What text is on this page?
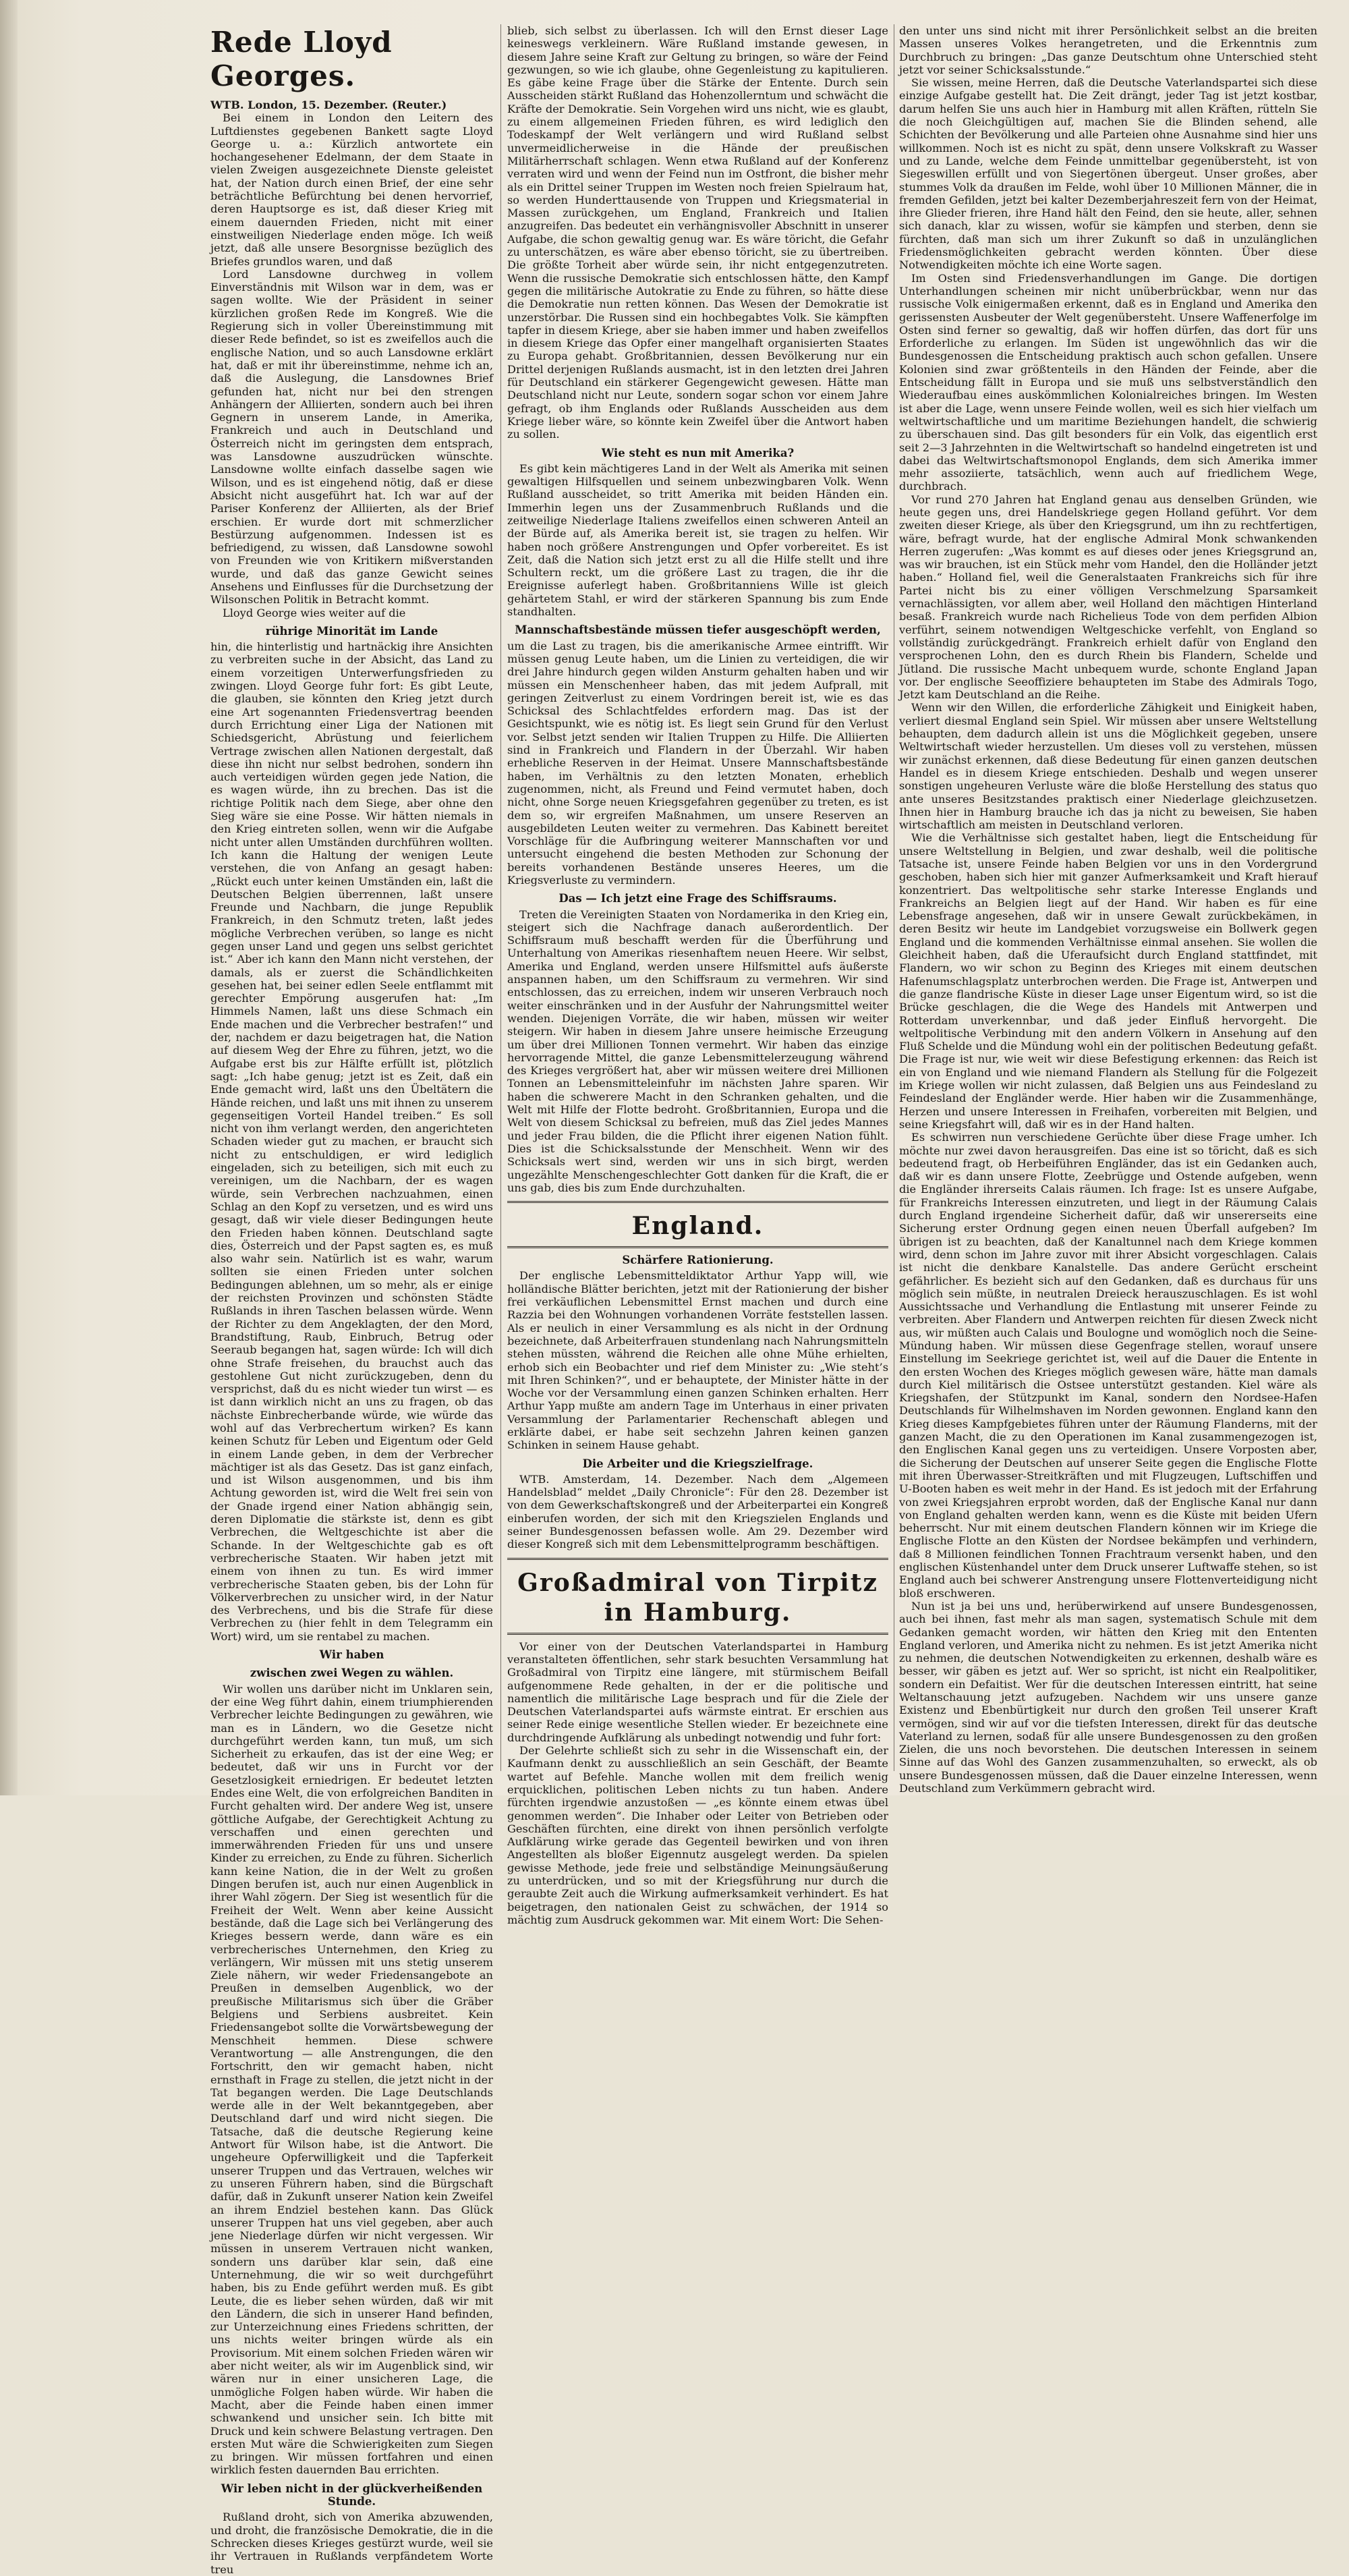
Rede Lloyd Georges.

WTB. London, 15. Dezember. (Reuter.)

Bei einem in London den Leitern des Luftdienstes gegebenen Bankett sagte Lloyd George u. a.: Kürzlich antwortete ein hochangesehener Edelmann, der dem Staate in vielen Zweigen ausgezeichnete Dienste geleistet hat, der Nation durch einen Brief, der eine sehr beträchtliche Befürchtung bei denen hervorrief, deren Hauptsorge es ist, daß dieser Krieg mit einem dauernden Frieden, nicht mit einer einstweiligen Niederlage enden möge. Ich weiß jetzt, daß alle unsere Besorgnisse bezüglich des Briefes grundlos waren, und daß

Lord Lansdowne durchweg in vollem Einverständnis mit Wilson war in dem, was er sagen wollte. Wie der Präsident in seiner kürzlichen großen Rede im Kongreß. Wie die Regierung sich in voller Übereinstimmung mit dieser Rede befindet, so ist es zweifellos auch die englische Nation, und so auch Lansdowne erklärt hat, daß er mit ihr übereinstimme, nehme ich an, daß die Auslegung, die Lansdownes Brief gefunden hat, nicht nur bei den strengen Anhängern der Alliierten, sondern auch bei ihren Gegnern in unserem Lande, in Amerika, Frankreich und auch in Deutschland und Österreich nicht im geringsten dem entsprach, was Lansdowne auszudrücken wünschte. Lansdowne wollte einfach dasselbe sagen wie Wilson, und es ist eingehend nötig, daß er diese Absicht nicht ausgeführt hat. Ich war auf der Pariser Konferenz der Alliierten, als der Brief erschien. Er wurde dort mit schmerzlicher Bestürzung aufgenommen. Indessen ist es befriedigend, zu wissen, daß Lansdowne sowohl von Freunden wie von Kritikern mißverstanden wurde, und daß das ganze Gewicht seines Ansehens und Einflusses für die Durchsetzung der Wilsonschen Politik in Betracht kommt.

Lloyd George wies weiter auf die

rührige Minorität im Lande

hin, die hinterlistig und hartnäckig ihre Ansichten zu verbreiten suche in der Absicht, das Land zu einem vorzeitigen Unterwerfungsfrieden zu zwingen. Lloyd George fuhr fort: Es gibt Leute, die glauben, sie könnten den Krieg jetzt durch eine Art sogenannten Friedensvertrag beenden durch Errichtung einer Liga der Nationen mit Schiedsgericht, Abrüstung und feierlichem Vertrage zwischen allen Nationen dergestalt, daß diese ihn nicht nur selbst bedrohen, sondern ihn auch verteidigen würden gegen jede Nation, die es wagen würde, ihn zu brechen. Das ist die richtige Politik nach dem Siege, aber ohne den Sieg wäre sie eine Posse. Wir hätten niemals in den Krieg eintreten sollen, wenn wir die Aufgabe nicht unter allen Umständen durchführen wollten. Ich kann die Haltung der wenigen Leute verstehen, die von Anfang an gesagt haben: „Rückt euch unter keinen Umständen ein, laßt die Deutschen Belgien überrennen, laßt unsere Freunde und Nachbarn, die junge Republik Frankreich, in den Schmutz treten, laßt jedes mögliche Verbrechen verüben, so lange es nicht gegen unser Land und gegen uns selbst gerichtet ist.“ Aber ich kann den Mann nicht verstehen, der damals, als er zuerst die Schändlichkeiten gesehen hat, bei seiner edlen Seele entflammt mit gerechter Empörung ausgerufen hat: „Im Himmels Namen, laßt uns diese Schmach ein Ende machen und die Verbrecher bestrafen!“ und der, nachdem er dazu beigetragen hat, die Nation auf diesem Weg der Ehre zu führen, jetzt, wo die Aufgabe erst bis zur Hälfte erfüllt ist, plötzlich sagt: „Ich habe genug; jetzt ist es Zeit, daß ein Ende gemacht wird, laßt uns den Übeltätern die Hände reichen, und laßt uns mit ihnen zu unserem gegenseitigen Vorteil Handel treiben.“ Es soll nicht von ihm verlangt werden, den angerichteten Schaden wieder gut zu machen, er braucht sich nicht zu entschuldigen, er wird lediglich eingeladen, sich zu beteiligen, sich mit euch zu vereinigen, um die Nachbarn, der es wagen würde, sein Verbrechen nachzuahmen, einen Schlag an den Kopf zu versetzen, und es wird uns gesagt, daß wir viele dieser Bedingungen heute den Frieden haben können. Deutschland sagte dies, Österreich und der Papst sagten es, es muß also wahr sein. Natürlich ist es wahr, warum sollten sie einen Frieden unter solchen Bedingungen ablehnen, um so mehr, als er einige der reichsten Provinzen und schönsten Städte Rußlands in ihren Taschen belassen würde. Wenn der Richter zu dem Angeklagten, der den Mord, Brandstiftung, Raub, Einbruch, Betrug oder Seeraub begangen hat, sagen würde: Ich will dich ohne Strafe freisehen, du brauchst auch das gestohlene Gut nicht zurückzugeben, denn du versprichst, daß du es nicht wieder tun wirst — es ist dann wirklich nicht an uns zu fragen, ob das nächste Einbrecherbande würde, wie würde das wohl auf das Verbrechertum wirken? Es kann keinen Schutz für Leben und Eigentum oder Geld in einem Lande geben, in dem der Verbrecher mächtiger ist als das Gesetz. Das ist ganz einfach, und ist Wilson ausgenommen, und bis ihm Achtung geworden ist, wird die Welt frei sein von der Gnade irgend einer Nation abhängig sein, deren Diplomatie die stärkste ist, denn es gibt Verbrechen, die Weltgeschichte ist aber die Schande. In der Weltgeschichte gab es oft verbrecherische Staaten. Wir haben jetzt mit einem von ihnen zu tun. Es wird immer verbrecherische Staaten geben, bis der Lohn für Völkerverbrechen zu unsicher wird, in der Natur des Verbrechens, und bis die Strafe für diese Verbrechen zu (hier fehlt in dem Telegramm ein Wort) wird, um sie rentabel zu machen.

Wir haben
zwischen zwei Wegen zu wählen.

Wir wollen uns darüber nicht im Unklaren sein, der eine Weg führt dahin, einem triumphierenden Verbrecher leichte Bedingungen zu gewähren, wie man es in Ländern, wo die Gesetze nicht durchgeführt werden kann, tun muß, um sich Sicherheit zu erkaufen, das ist der eine Weg; er bedeutet, daß wir uns in Furcht vor der Gesetzlosigkeit erniedrigen. Er bedeutet letzten Endes eine Welt, die von erfolgreichen Banditen in Furcht gehalten wird. Der andere Weg ist, unsere göttliche Aufgabe, der Gerechtigkeit Achtung zu verschaffen und einen gerechten und immerwährenden Frieden für uns und unsere Kinder zu erreichen, zu Ende zu führen. Sicherlich kann keine Nation, die in der Welt zu großen Dingen berufen ist, auch nur einen Augenblick in ihrer Wahl zögern. Der Sieg ist wesentlich für die Freiheit der Welt. Wenn aber keine Aussicht bestände, daß die Lage sich bei Verlängerung des Krieges bessern werde, dann wäre es ein verbrecherisches Unternehmen, den Krieg zu verlängern, Wir müssen mit uns stetig unserem Ziele nähern, wir weder Friedensangebote an Preußen in demselben Augenblick, wo der preußische Militarismus sich über die Gräber Belgiens und Serbiens ausbreitet. Kein Friedensangebot sollte die Vorwärtsbewegung der Menschheit hemmen. Diese schwere Verantwortung — alle Anstrengungen, die den Fortschritt, den wir gemacht haben, nicht ernsthaft in Frage zu stellen, die jetzt nicht in der Tat begangen werden. Die Lage Deutschlands werde alle in der Welt bekanntgegeben, aber Deutschland darf und wird nicht siegen. Die Tatsache, daß die deutsche Regierung keine Antwort für Wilson habe, ist die Antwort. Die ungeheure Opferwilligkeit und die Tapferkeit unserer Truppen und das Vertrauen, welches wir zu unseren Führern haben, sind die Bürgschaft dafür, daß in Zukunft unserer Nation kein Zweifel an ihrem Endziel bestehen kann. Das Glück unserer Truppen hat uns viel gegeben, aber auch jene Niederlage dürfen wir nicht vergessen. Wir müssen in unserem Vertrauen nicht wanken, sondern uns darüber klar sein, daß eine Unternehmung, die wir so weit durchgeführt haben, bis zu Ende geführt werden muß. Es gibt Leute, die es lieber sehen würden, daß wir mit den Ländern, die sich in unserer Hand befinden, zur Unterzeichnung eines Friedens schritten, der uns nichts weiter bringen würde als ein Provisorium. Mit einem solchen Frieden wären wir aber nicht weiter, als wir im Augenblick sind, wir wären nur in einer unsicheren Lage, die unmögliche Folgen haben würde. Wir haben die Macht, aber die Feinde haben einen immer schwankend und unsicher sein. Ich bitte mit Druck und kein schwere Belastung vertragen. Den ersten Mut wäre die Schwierigkeiten zum Siegen zu bringen. Wir müssen fortfahren und einen wirklich festen dauernden Bau errichten.

Wir leben nicht in der glückverheißenden Stunde.

Rußland droht, sich von Amerika abzuwenden, und droht, die französische Demokratie, die in die Schrecken dieses Krieges gestürzt wurde, weil sie ihr Vertrauen in Rußlands verpfändetem Worte treu

blieb, sich selbst zu überlassen. Ich will den Ernst dieser Lage keineswegs verkleinern. Wäre Rußland imstande gewesen, in diesem Jahre seine Kraft zur Geltung zu bringen, so wäre der Feind gezwungen, so wie ich glaube, ohne Gegenleistung zu kapitulieren. Es gäbe keine Frage über die Stärke der Entente. Durch sein Ausscheiden stärkt Rußland das Hohenzollerntum und schwächt die Kräfte der Demokratie. Sein Vorgehen wird uns nicht, wie es glaubt, zu einem allgemeinen Frieden führen, es wird lediglich den Todeskampf der Welt verlängern und wird Rußland selbst unvermeidlicherweise in die Hände der preußischen Militärherrschaft schlagen. Wenn etwa Rußland auf der Konferenz verraten wird und wenn der Feind nun im Ostfront, die bisher mehr als ein Drittel seiner Truppen im Westen noch freien Spielraum hat, so werden Hunderttausende von Truppen und Kriegsmaterial in Massen zurückgehen, um England, Frankreich und Italien anzugreifen. Das bedeutet ein verhängnisvoller Abschnitt in unserer Aufgabe, die schon gewaltig genug war. Es wäre töricht, die Gefahr zu unterschätzen, es wäre aber ebenso töricht, sie zu übertreiben. Die größte Torheit aber würde sein, ihr nicht entgegenzutreten. Wenn die russische Demokratie sich entschlossen hätte, den Kampf gegen die militärische Autokratie zu Ende zu führen, so hätte diese die Demokratie nun retten können. Das Wesen der Demokratie ist unzerstörbar. Die Russen sind ein hochbegabtes Volk. Sie kämpften tapfer in diesem Kriege, aber sie haben immer und haben zweifellos in diesem Kriege das Opfer einer mangelhaft organisierten Staates zu Europa gehabt. Großbritannien, dessen Bevölkerung nur ein Drittel derjenigen Rußlands ausmacht, ist in den letzten drei Jahren für Deutschland ein stärkerer Gegengewicht gewesen. Hätte man Deutschland nicht nur Leute, sondern sogar schon vor einem Jahre gefragt, ob ihm Englands oder Rußlands Ausscheiden aus dem Kriege lieber wäre, so könnte kein Zweifel über die Antwort haben zu sollen.

Wie steht es nun mit Amerika?

Es gibt kein mächtigeres Land in der Welt als Amerika mit seinen gewaltigen Hilfsquellen und seinem unbezwingbaren Volk. Wenn Rußland ausscheidet, so tritt Amerika mit beiden Händen ein. Immerhin legen uns der Zusammenbruch Rußlands und die zeitweilige Niederlage Italiens zweifellos einen schweren Anteil an der Bürde auf, als Amerika bereit ist, sie tragen zu helfen. Wir haben noch größere Anstrengungen und Opfer vorbereitet. Es ist Zeit, daß die Nation sich jetzt erst zu all die Hilfe stellt und ihre Schultern reckt, um die größere Last zu tragen, die ihr die Ereignisse auferlegt haben. Großbritanniens Wille ist gleich gehärtetem Stahl, er wird der stärkeren Spannung bis zum Ende standhalten.

Mannschaftsbestände müssen tiefer ausgeschöpft werden,

um die Last zu tragen, bis die amerikanische Armee eintrifft. Wir müssen genug Leute haben, um die Linien zu verteidigen, die wir drei Jahre hindurch gegen wilden Ansturm gehalten haben und wir müssen ein Menschenheer haben, das mit jedem Aufprall, mit geringen Zeitverlust zu einem Vordringen bereit ist, wie es das Schicksal des Schlachtfeldes erfordern mag. Das ist der Gesichtspunkt, wie es nötig ist. Es liegt sein Grund für den Verlust vor. Selbst jetzt senden wir Italien Truppen zu Hilfe. Die Alliierten sind in Frankreich und Flandern in der Überzahl. Wir haben erhebliche Reserven in der Heimat. Unsere Mannschaftsbestände haben, im Verhältnis zu den letzten Monaten, erheblich zugenommen, nicht, als Freund und Feind vermutet haben, doch nicht, ohne Sorge neuen Kriegsgefahren gegenüber zu treten, es ist dem so, wir ergreifen Maßnahmen, um unsere Reserven an ausgebildeten Leuten weiter zu vermehren. Das Kabinett bereitet Vorschläge für die Aufbringung weiterer Mannschaften vor und untersucht eingehend die besten Methoden zur Schonung der bereits vorhandenen Bestände unseres Heeres, um die Kriegsverluste zu vermindern.

Das — Ich jetzt eine Frage des Schiffsraums.

Treten die Vereinigten Staaten von Nordamerika in den Krieg ein, steigert sich die Nachfrage danach außerordentlich. Der Schiffsraum muß beschafft werden für die Überführung und Unterhaltung von Amerikas riesenhaftem neuen Heere. Wir selbst, Amerika und England, werden unsere Hilfsmittel aufs äußerste anspannen haben, um den Schiffsraum zu vermehren. Wir sind entschlossen, das zu erreichen, indem wir unseren Verbrauch noch weiter einschränken und in der Ausfuhr der Nahrungsmittel weiter wenden. Diejenigen Vorräte, die wir haben, müssen wir weiter steigern. Wir haben in diesem Jahre unsere heimische Erzeugung um über drei Millionen Tonnen vermehrt. Wir haben das einzige hervorragende Mittel, die ganze Lebensmittelerzeugung während des Krieges vergrößert hat, aber wir müssen weitere drei Millionen Tonnen an Lebensmitteleinfuhr im nächsten Jahre sparen. Wir haben die schwerere Macht in den Schranken gehalten, und die Welt mit Hilfe der Flotte bedroht. Großbritannien, Europa und die Welt von diesem Schicksal zu befreien, muß das Ziel jedes Mannes und jeder Frau bilden, die die Pflicht ihrer eigenen Nation fühlt. Dies ist die Schicksalsstunde der Menschheit. Wenn wir des Schicksals wert sind, werden wir uns in sich birgt, werden ungezählte Menschengeschlechter Gott danken für die Kraft, die er uns gab, dies bis zum Ende durchzuhalten.

England.
Schärfere Rationierung.

Der englische Lebensmitteldiktator Arthur Yapp will, wie holländische Blätter berichten, jetzt mit der Rationierung der bisher frei verkäuflichen Lebensmittel Ernst machen und durch eine Razzia bei den Wohnungen vorhandenen Vorräte feststellen lassen. Als er neulich in einer Versammlung es als nicht in der Ordnung bezeichnete, daß Arbeiterfrauen stundenlang nach Nahrungsmitteln stehen müssten, während die Reichen alle ohne Mühe erhielten, erhob sich ein Beobachter und rief dem Minister zu: „Wie steht’s mit Ihren Schinken?“, und er behauptete, der Minister hätte in der Woche vor der Versammlung einen ganzen Schinken erhalten. Herr Arthur Yapp mußte am andern Tage im Unterhaus in einer privaten Versammlung der Parlamentarier Rechenschaft ablegen und erklärte dabei, er habe seit sechzehn Jahren keinen ganzen Schinken in seinem Hause gehabt.

Die Arbeiter und die Kriegszielfrage.

WTB. Amsterdam, 14. Dezember. Nach dem „Algemeen Handelsblad“ meldet „Daily Chronicle“: Für den 28. Dezember ist von dem Gewerkschaftskongreß und der Arbeiterpartei ein Kongreß einberufen worden, der sich mit den Kriegszielen Englands und seiner Bundesgenossen befassen wolle. Am 29. Dezember wird dieser Kongreß sich mit dem Lebensmittelprogramm beschäftigen.

Großadmiral von Tirpitz in Hamburg.

Vor einer von der Deutschen Vaterlandspartei in Hamburg veranstalteten öffentlichen, sehr stark besuchten Versammlung hat Großadmiral von Tirpitz eine längere, mit stürmischem Beifall aufgenommene Rede gehalten, in der er die politische und namentlich die militärische Lage besprach und für die Ziele der Deutschen Vaterlandspartei aufs wärmste eintrat. Er erschien aus seiner Rede einige wesentliche Stellen wieder. Er bezeichnete eine durchdringende Aufklärung als unbedingt notwendig und fuhr fort:

Der Gelehrte schließt sich zu sehr in die Wissenschaft ein, der Kaufmann denkt zu ausschließlich an sein Geschäft, der Beamte wartet auf Befehle. Manche wollen mit dem freilich wenig erquicklichen, politischen Leben nichts zu tun haben. Andere fürchten irgendwie anzustoßen — „es könnte einem etwas übel genommen werden“. Die Inhaber oder Leiter von Betrieben oder Geschäften fürchten, eine direkt von ihnen persönlich verfolgte Aufklärung wirke gerade das Gegenteil bewirken und von ihren Angestellten als bloßer Eigennutz ausgelegt werden. Da spielen gewisse Methode, jede freie und selbständige Meinungsäußerung zu unterdrücken, und so mit der Kriegsführung nur durch die geraubte Zeit auch die Wirkung aufmerksamkeit verhindert. Es hat beigetragen, den nationalen Geist zu schwächen, der 1914 so mächtig zum Ausdruck gekommen war. Mit einem Wort: Die Sehen-

den unter uns sind nicht mit ihrer Persönlichkeit selbst an die breiten Massen unseres Volkes herangetreten, und die Erkenntnis zum Durchbruch zu bringen: „Das ganze Deutschtum ohne Unterschied steht jetzt vor seiner Schicksalsstunde.“

Sie wissen, meine Herren, daß die Deutsche Vaterlandspartei sich diese einzige Aufgabe gestellt hat. Die Zeit drängt, jeder Tag ist jetzt kostbar, darum helfen Sie uns auch hier in Hamburg mit allen Kräften, rütteln Sie die noch Gleichgültigen auf, machen Sie die Blinden sehend, alle Schichten der Bevölkerung und alle Parteien ohne Ausnahme sind hier uns willkommen. Noch ist es nicht zu spät, denn unsere Volkskraft zu Wasser und zu Lande, welche dem Feinde unmittelbar gegenübersteht, ist von Siegeswillen erfüllt und von Siegertönen übergeut. Unser großes, aber stummes Volk da draußen im Felde, wohl über 10 Millionen Männer, die in fremden Gefilden, jetzt bei kalter Dezemberjahreszeit fern von der Heimat, ihre Glieder frieren, ihre Hand hält den Feind, den sie heute, aller, sehnen sich danach, klar zu wissen, wofür sie kämpfen und sterben, denn sie fürchten, daß man sich um ihrer Zukunft so daß in unzulänglichen Friedensmöglichkeiten gebracht werden könnten. Über diese Notwendigkeiten möchte ich eine Worte sagen.

Im Osten sind Friedensverhandlungen im Gange. Die dortigen Unterhandlungen scheinen mir nicht unüberbrückbar, wenn nur das russische Volk einigermaßen erkennt, daß es in England und Amerika den gerissensten Ausbeuter der Welt gegenübersteht. Unsere Waffenerfolge im Osten sind ferner so gewaltig, daß wir hoffen dürfen, das dort für uns Erforderliche zu erlangen. Im Süden ist ungewöhnlich das wir die Bundesgenossen die Entscheidung praktisch auch schon gefallen. Unsere Kolonien sind zwar größtenteils in den Händen der Feinde, aber die Entscheidung fällt in Europa und sie muß uns selbstverständlich den Wiederaufbau eines auskömmlichen Kolonialreiches bringen. Im Westen ist aber die Lage, wenn unsere Feinde wollen, weil es sich hier vielfach um weltwirtschaftliche und um maritime Beziehungen handelt, die schwierig zu überschauen sind. Das gilt besonders für ein Volk, das eigentlich erst seit 2—3 Jahrzehnten in die Weltwirtschaft so handelnd eingetreten ist und dabei das Weltwirtschaftsmonopol Englands, dem sich Amerika immer mehr assoziierte, tatsächlich, wenn auch auf friedlichem Wege, durchbrach.

Vor rund 270 Jahren hat England genau aus denselben Gründen, wie heute gegen uns, drei Handelskriege gegen Holland geführt. Vor dem zweiten dieser Kriege, als über den Kriegsgrund, um ihn zu rechtfertigen, wäre, befragt wurde, hat der englische Admiral Monk schwankenden Herren zugerufen: „Was kommt es auf dieses oder jenes Kriegsgrund an, was wir brauchen, ist ein Stück mehr vom Handel, den die Holländer jetzt haben.“ Holland fiel, weil die Generalstaaten Frankreichs sich für ihre Partei nicht bis zu einer völligen Verschmelzung Sparsamkeit vernachlässigten, vor allem aber, weil Holland den mächtigen Hinterland besaß. Frankreich wurde nach Richelieus Tode von dem perfiden Albion verführt, seinem notwendigen Weltgeschicke verfehlt, von England so vollständig zurückgedrängt. Frankreich erhielt dafür von England den versprochenen Lohn, den es durch Rhein bis Flandern, Schelde und Jütland. Die russische Macht unbequem wurde, schonte England Japan vor. Der englische Seeoffiziere behaupteten im Stabe des Admirals Togo, Jetzt kam Deutschland an die Reihe.

Wenn wir den Willen, die erforderliche Zähigkeit und Einigkeit haben, verliert diesmal England sein Spiel. Wir müssen aber unsere Weltstellung behaupten, dem dadurch allein ist uns die Möglichkeit gegeben, unsere Weltwirtschaft wieder herzustellen. Um dieses voll zu verstehen, müssen wir zunächst erkennen, daß diese Bedeutung für einen ganzen deutschen Handel es in diesem Kriege entschieden. Deshalb und wegen unserer sonstigen ungeheuren Verluste wäre die bloße Herstellung des status quo ante unseres Besitzstandes praktisch einer Niederlage gleichzusetzen. Ihnen hier in Hamburg brauche ich das ja nicht zu beweisen, Sie haben wirtschaftlich am meisten in Deutschland verloren.

Wie die Verhältnisse sich gestaltet haben, liegt die Entscheidung für unsere Weltstellung in Belgien, und zwar deshalb, weil die politische Tatsache ist, unsere Feinde haben Belgien vor uns in den Vordergrund geschoben, haben sich hier mit ganzer Aufmerksamkeit und Kraft hierauf konzentriert. Das weltpolitische sehr starke Interesse Englands und Frankreichs an Belgien liegt auf der Hand. Wir haben es für eine Lebensfrage angesehen, daß wir in unsere Gewalt zurückbekämen, in deren Besitz wir heute im Landgebiet vorzugsweise ein Bollwerk gegen England und die kommenden Verhältnisse einmal ansehen. Sie wollen die Gleichheit haben, daß die Uferaufsicht durch England stattfindet, mit Flandern, wo wir schon zu Beginn des Krieges mit einem deutschen Hafenumschlagsplatz unterbrochen werden. Die Frage ist, Antwerpen und die ganze flandrische Küste in dieser Lage unser Eigentum wird, so ist die Brücke geschlagen, die die Wege des Handels mit Antwerpen und Rotterdam unverkennbar, und daß jeder Einfluß hervorgeht. Die weltpolitische Verbindung mit den andern Völkern in Ansehung auf den Fluß Schelde und die Mündung wohl ein der politischen Bedeutung gefaßt. Die Frage ist nur, wie weit wir diese Befestigung erkennen: das Reich ist ein von England und wie niemand Flandern als Stellung für die Folgezeit im Kriege wollen wir nicht zulassen, daß Belgien uns aus Feindesland zu Feindesland der Engländer werde. Hier haben wir die Zusammenhänge, Herzen und unsere Interessen in Freihafen, vorbereiten mit Belgien, und seine Kriegsfahrt will, daß wir es in der Hand halten.

Es schwirren nun verschiedene Gerüchte über diese Frage umher. Ich möchte nur zwei davon herausgreifen. Das eine ist so töricht, daß es sich bedeutend fragt, ob Herbeiführen Engländer, das ist ein Gedanken auch, daß wir es dann unsere Flotte, Zeebrügge und Ostende aufgeben, wenn die Engländer ihrerseits Calais räumen. Ich frage: Ist es unsere Aufgabe, für Frankreichs Interessen einzutreten, und liegt in der Räumung Calais durch England irgendeine Sicherheit dafür, daß wir unsererseits eine Sicherung erster Ordnung gegen einen neuen Überfall aufgeben? Im übrigen ist zu beachten, daß der Kanaltunnel nach dem Kriege kommen wird, denn schon im Jahre zuvor mit ihrer Absicht vorgeschlagen. Calais ist nicht die denkbare Kanalstelle. Das andere Gerücht erscheint gefährlicher. Es bezieht sich auf den Gedanken, daß es durchaus für uns möglich sein müßte, in neutralen Dreieck herauszuschlagen. Es ist wohl Aussichtssache und Verhandlung die Entlastung mit unserer Feinde zu verbreiten. Aber Flandern und Antwerpen reichten für diesen Zweck nicht aus, wir müßten auch Calais und Boulogne und womöglich noch die Seine-Mündung haben. Wir müssen diese Gegenfrage stellen, worauf unsere Einstellung im Seekriege gerichtet ist, weil auf die Dauer die Entente in den ersten Wochen des Krieges möglich gewesen wäre, hätte man damals durch Kiel militärisch die Ostsee unterstützt gestanden. Kiel wäre als Kriegshafen, der Stützpunkt im Kanal, sondern den Nordsee-Hafen Deutschlands für Wilhelmshaven im Norden gewonnen. England kann den Krieg dieses Kampfgebietes führen unter der Räumung Flanderns, mit der ganzen Macht, die zu den Operationen im Kanal zusammengezogen ist, den Englischen Kanal gegen uns zu verteidigen. Unsere Vorposten aber, die Sicherung der Deutschen auf unserer Seite gegen die Englische Flotte mit ihren Überwasser-Streitkräften und mit Flugzeugen, Luftschiffen und U-Booten haben es weit mehr in der Hand. Es ist jedoch mit der Erfahrung von zwei Kriegsjahren erprobt worden, daß der Englische Kanal nur dann von England gehalten werden kann, wenn es die Küste mit beiden Ufern beherrscht. Nur mit einem deutschen Flandern können wir im Kriege die Englische Flotte an den Küsten der Nordsee bekämpfen und verhindern, daß 8 Millionen feindlichen Tonnen Frachtraum versenkt haben, und den englischen Küstenhandel unter dem Druck unserer Luftwaffe stehen, so ist England auch bei schwerer Anstrengung unsere Flottenverteidigung nicht bloß erschweren.

Nun ist ja bei uns und, herüberwirkend auf unsere Bundesgenossen, auch bei ihnen, fast mehr als man sagen, systematisch Schule mit dem Gedanken gemacht worden, wir hätten den Krieg mit den Ententen England verloren, und Amerika nicht zu nehmen. Es ist jetzt Amerika nicht zu nehmen, die deutschen Notwendigkeiten zu erkennen, deshalb wäre es besser, wir gäben es jetzt auf. Wer so spricht, ist nicht ein Realpolitiker, sondern ein Defaitist. Wer für die deutschen Interessen eintritt, hat seine Weltanschauung jetzt aufzugeben. Nachdem wir uns unsere ganze Existenz und Ebenbürtigkeit nur durch den großen Teil unserer Kraft vermögen, sind wir auf vor die tiefsten Interessen, direkt für das deutsche Vaterland zu lernen, sodaß für alle unsere Bundesgenossen zu den großen Zielen, die uns noch bevorstehen. Die deutschen Interessen in seinem Sinne auf das Wohl des Ganzen zusammenzuhalten, so erweckt, als ob unsere Bundesgenossen müssen, daß die Dauer einzelne Interessen, wenn Deutschland zum Verkümmern gebracht wird.
